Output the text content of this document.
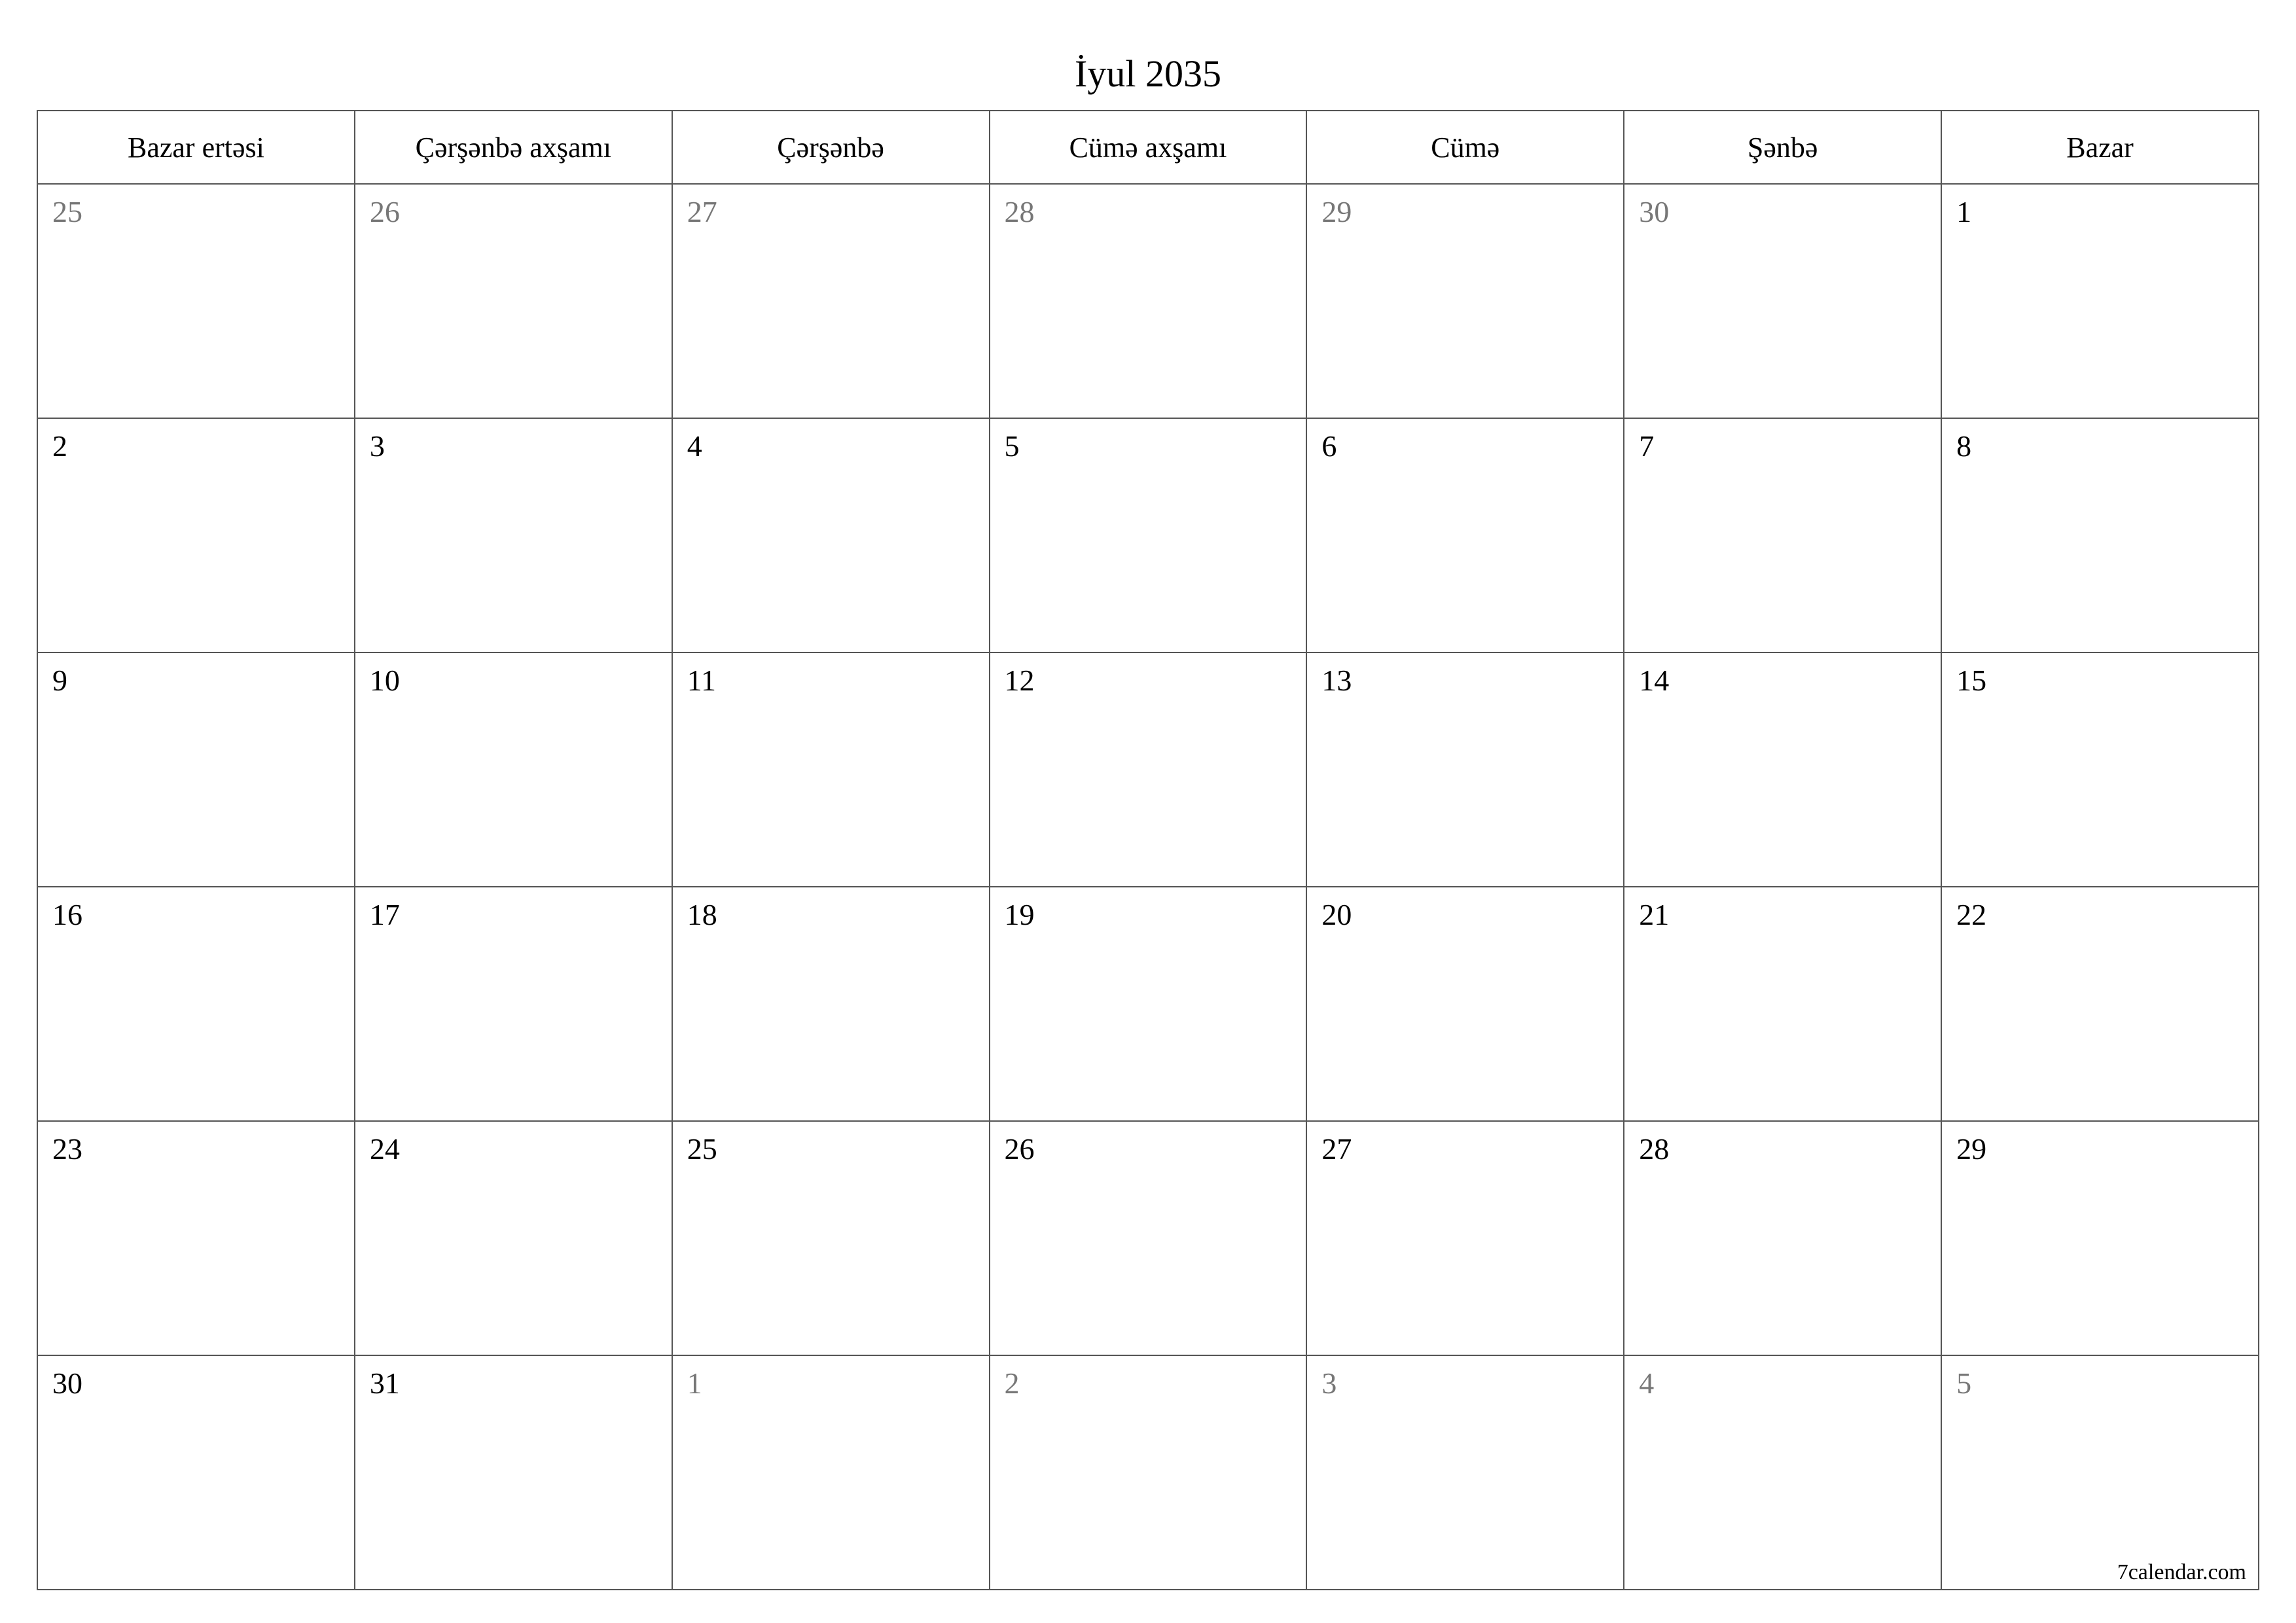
İyul 2035
Bazar ertəsi	Çərşənbə axşamı	Çərşənbə	Cümə axşamı	Cümə	Şənbə	Bazar

25	26	27	28	29	30	1

2	3	4	5	6	7	8

9	10	11	12	13	14	15

16	17	18	19	20	21	22

23	24	25	26	27	28	29

30	31	1	2	3	4	5
7calendar.com
